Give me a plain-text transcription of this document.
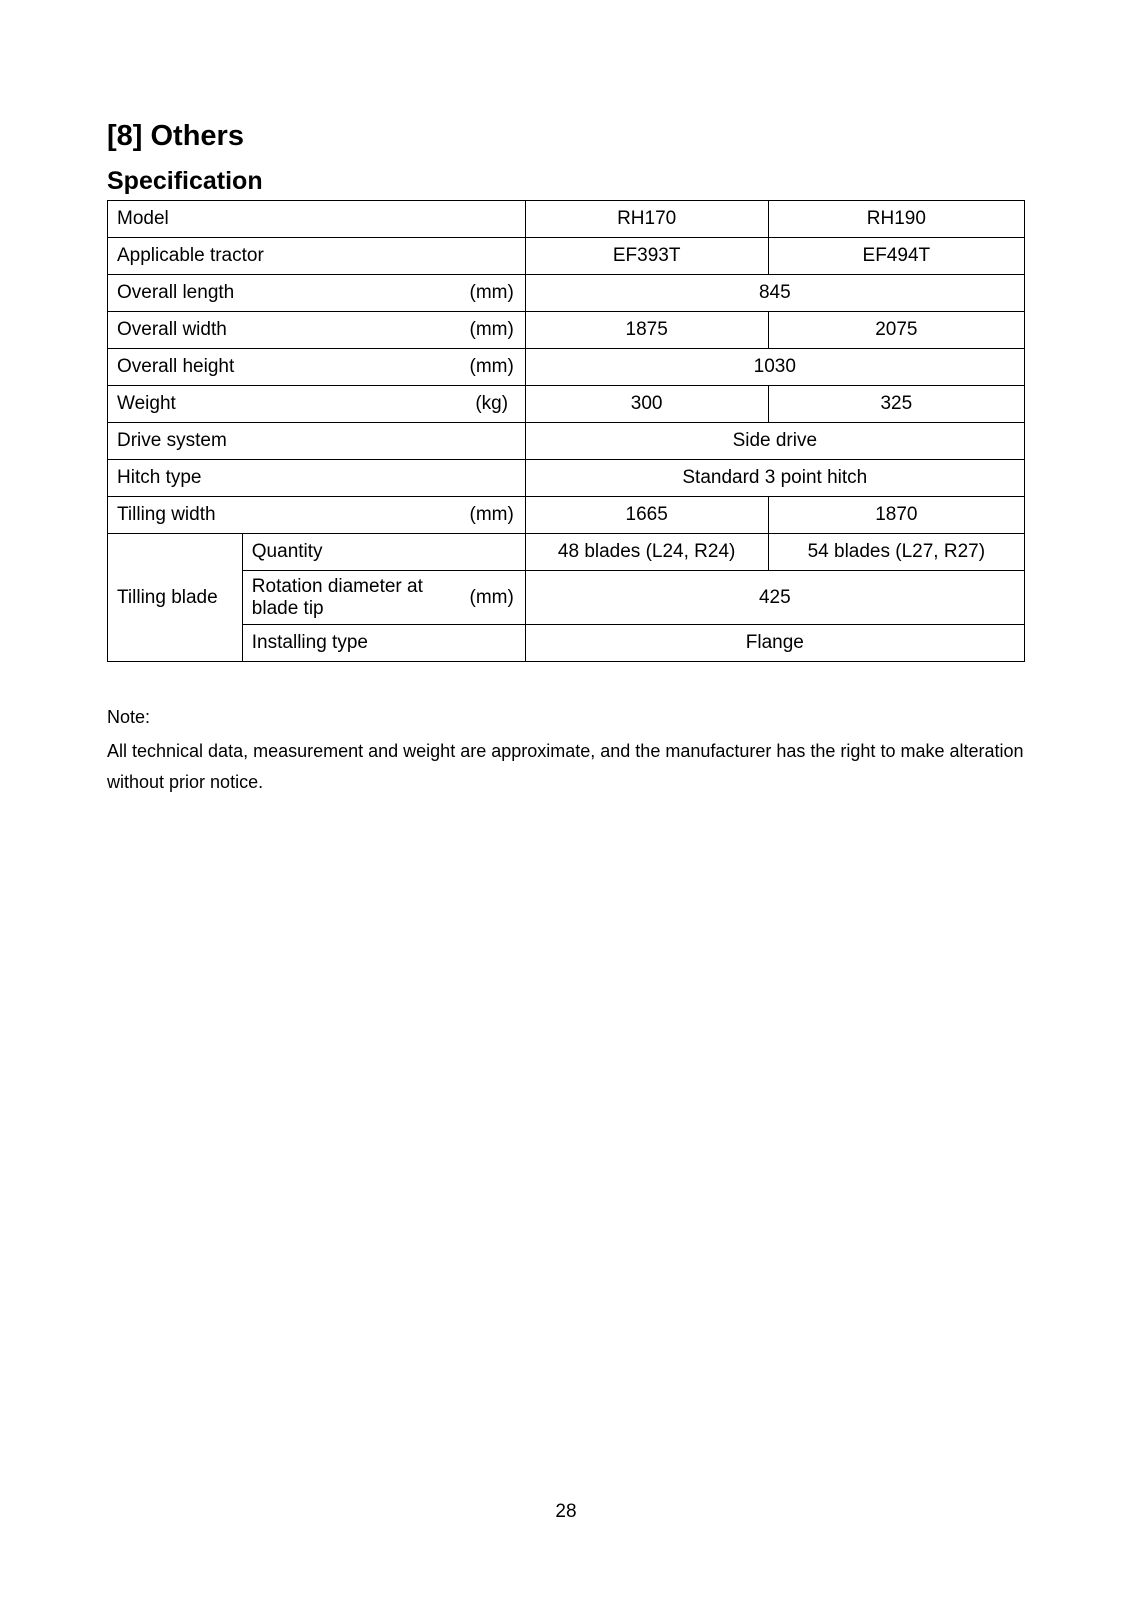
[8] Others
Specification
Model			RH170	RH190
Applicable tractor			EF393T	EF494T
Overall length		(mm)	845	
Overall width		(mm)	1875	2075
Overall height		(mm)	1030	
Weight		(kg)	300	325
Drive system			Side drive	
Hitch type			Standard 3 point hitch	
Tilling width		(mm)	1665	1870
Tilling blade	Quantity		48 blades (L24, R24)	54 blades (L27, R27)
	Rotation diameter at blade tip	(mm)	425	
	Installing type		Flange	
Note:
All technical data, measurement and weight are approximate, and the manufacturer has the right to make alteration without prior notice.
28
